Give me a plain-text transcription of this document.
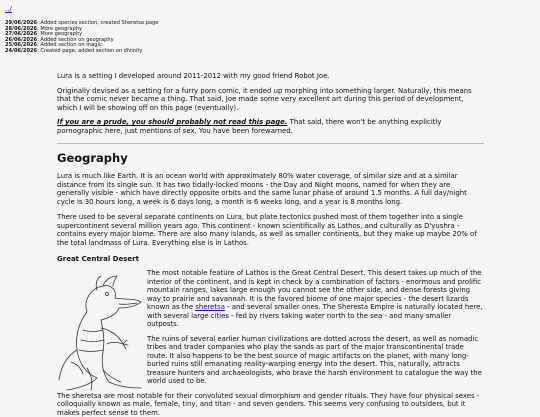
../
29/06/2026: Added species section, created Sheretsa page
28/06/2026: More geography
27/06/2026: More geography
26/06/2026: Added section on geography
25/06/2026: Added section on magic
24/06/2026: Created page, added section on divinity

Lura is a setting I developed around 2011-2012 with my good friend Robot Joe.

Originally devised as a setting for a furry porn comic, it ended up morphing into something larger. Naturally, this means that the comic never became a thing. That said, Joe made some very excellent art during this period of development, which I will be showing off on this page (eventually).

If you are a prude, you should probably not read this page. That said, there won't be anything explicitly pornographic here, just mentions of sex. You have been forewarned.

Geography

Lura is much like Earth. It is an ocean world with approximately 80% water coverage, of similar size and at a similar distance from its single sun. It has two tidally-locked moons - the Day and Night moons, named for when they are generally visible - which have directly opposite orbits and the same lunar phase of around 1.5 months. A full day/night cycle is 30 hours long, a week is 6 days long, a month is 6 weeks long, and a year is 8 months long.

There used to be several separate continents on Lura, but plate tectonics pushed most of them together into a single supercontinent several million years ago. This continent - known scientifically as Lathos, and culturally as D'yushra - contains every major biome. There are also many islands, as well as smaller continents, but they make up maybe 20% of the total landmass of Lura. Everything else is in Lathos.

Great Central Desert

The most notable feature of Lathos is the Great Central Desert. This desert takes up much of the interior of the continent, and is kept in check by a combination of factors - enormous and prolific mountain ranges, lakes large enough you cannot see the other side, and dense forests giving way to prairie and savannah. It is the favored biome of one major species - the desert lizards known as the sheretsa - and several smaller ones. The Sheresta Empire is naturally located here, with several large cities - fed by rivers taking water north to the sea - and many smaller outposts.

The ruins of several earlier human civilizations are dotted across the desert, as well as nomadic tribes and trader companies who play the sands as part of the major transcontinental trade route. It also happens to be the best source of magic artifacts on the planet, with many long-buried ruins still emanating reality-warping energy into the desert. This, naturally, attracts treasure hunters and archaeologists, who brave the harsh environment to catalogue the way the world used to be.

The sheretsa are most notable for their convoluted sexual dimorphism and gender rituals. They have four physical sexes - colloquially known as male, female, tiny, and titan - and seven genders. This seems very confusing to outsiders, but it makes perfect sense to them.
